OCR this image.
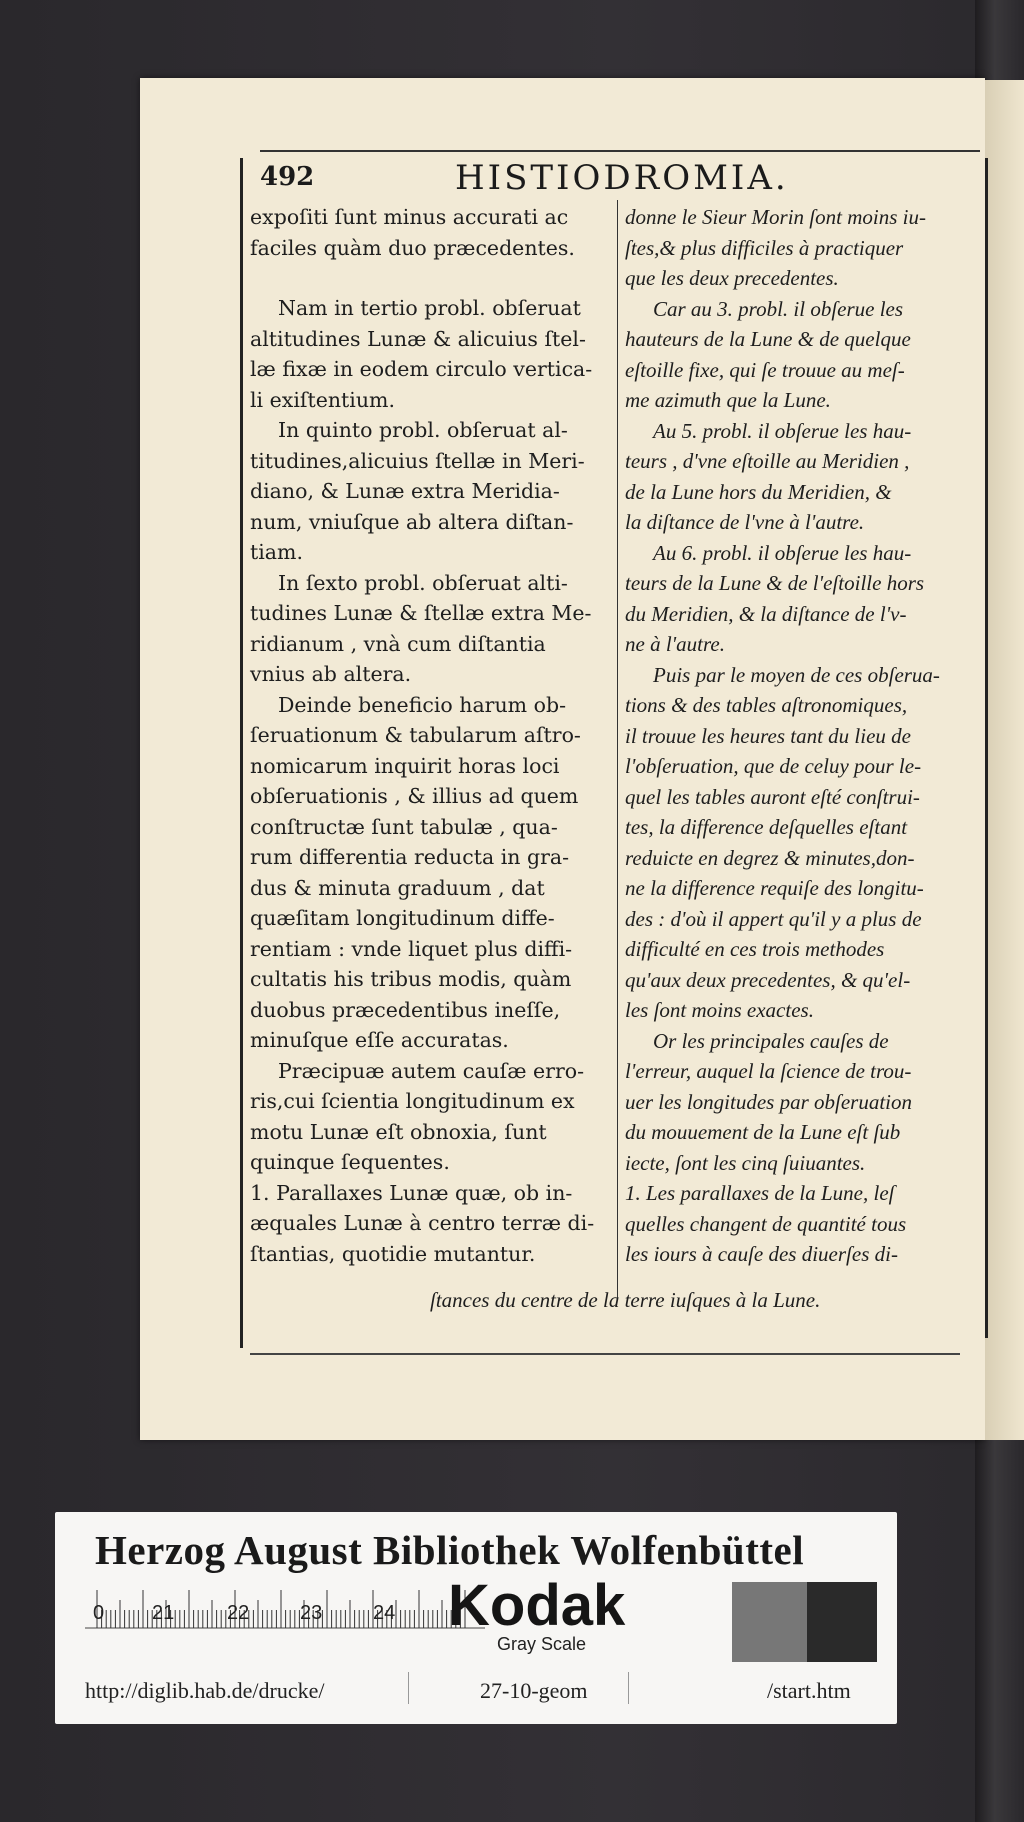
492	HISTIODROMIA.

expoſiti ſunt minus accurati ac

faciles quàm duo præcedentes.

Nam in tertio probl. obſeruat

altitudines Lunæ & alicuius ſtel-

læ fixæ in eodem circulo vertica-

li exiſtentium.

In quinto probl. obſeruat al-

titudines,alicuius ſtellæ in Meri-

diano, & Lunæ extra Meridia-

num, vniuſque ab altera diſtan-

tiam.

In ſexto probl. obſeruat alti-

tudines Lunæ & ſtellæ extra Me-

ridianum , vnà cum diſtantia

vnius ab altera.

Deinde beneficio harum ob-

ſeruationum & tabularum aſtro-

nomicarum inquirit horas loci

obſeruationis , & illius ad quem

conſtructæ ſunt tabulæ , qua-

rum differentia reducta in gra-

dus & minuta graduum , dat

quæſitam longitudinum diffe-

rentiam : vnde liquet plus diffi-

cultatis his tribus modis, quàm

duobus præcedentibus ineſſe,

minuſque eſſe accuratas.

Præcipuæ autem cauſæ erro-

ris,cui ſcientia longitudinum ex

motu Lunæ eſt obnoxia, ſunt

quinque ſequentes.

1. Parallaxes Lunæ quæ, ob in-

æquales Lunæ à centro terræ di-

ſtantias, quotidie mutantur.

donne le Sieur Morin ſont moins iu-

ſtes,& plus difficiles à practiquer

que les deux precedentes.

Car au 3. probl. il obſerue les

hauteurs de la Lune & de quelque

eſtoille fixe, qui ſe trouue au meſ-

me azimuth que la Lune.

Au 5. probl. il obſerue les hau-

teurs , d'vne eſtoille au Meridien ,

de la Lune hors du Meridien, &

la diſtance de l'vne à l'autre.

Au 6. probl. il obſerue les hau-

teurs de la Lune & de l'eſtoille hors

du Meridien, & la diſtance de l'v-

ne à l'autre.

Puis par le moyen de ces obſerua-

tions & des tables aſtronomiques,

il trouue les heures tant du lieu de

l'obſeruation, que de celuy pour le-

quel les tables auront eſté conſtrui-

tes, la difference deſquelles eſtant

reduicte en degrez & minutes,don-

ne la difference requiſe des longitu-

des : d'où il appert qu'il y a plus de

difficulté en ces trois methodes

qu'aux deux precedentes, & qu'el-

les ſont moins exactes.

Or les principales cauſes de

l'erreur, auquel la ſcience de trou-

uer les longitudes par obſeruation

du mouuement de la Lune eſt ſub

iecte, ſont les cinq ſuiuantes.

1. Les parallaxes de la Lune, leſ

quelles changent de quantité tous

les iours à cauſe des diuerſes di-

ſtances du centre de la terre iuſques à la Lune.
Herzog August Bibliothek Wolfenbüttel
0 21	22	23	24 Kodak
Gray Scale
http://diglib.hab.de/drucke/	27-10-geom	/start.htm
